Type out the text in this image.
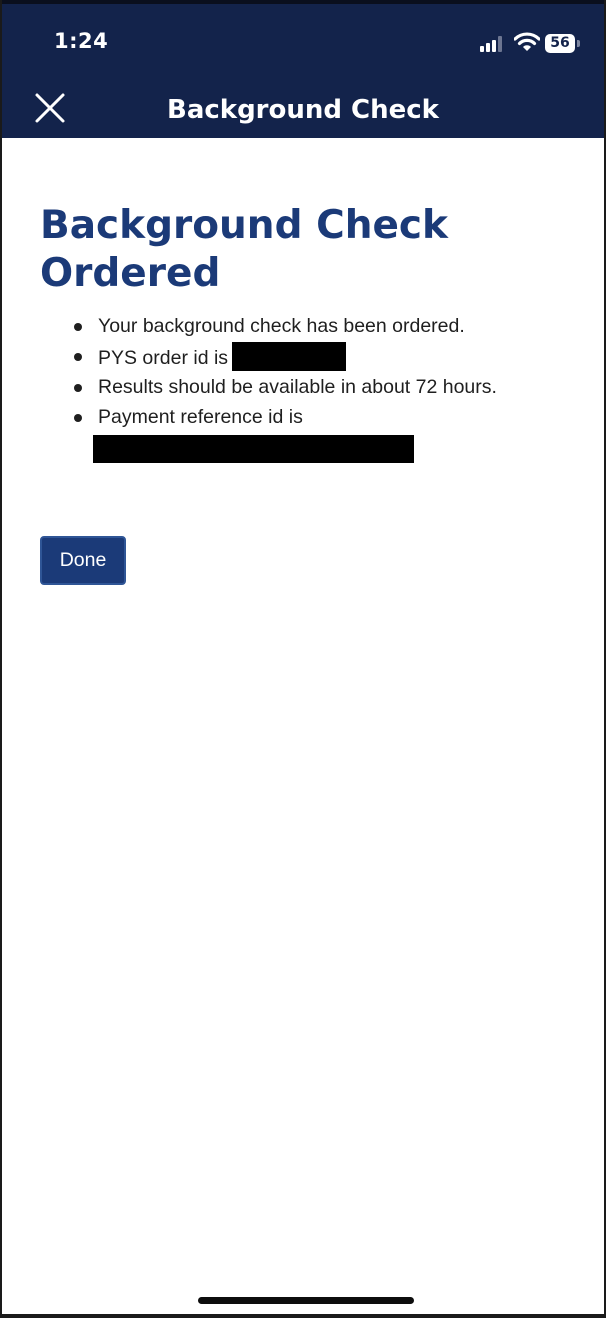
1:24	56
Background Check
Background Check Ordered
Your background check has been ordered.
PYS order id is
Results should be available in about 72 hours.
Payment reference id is
Done
